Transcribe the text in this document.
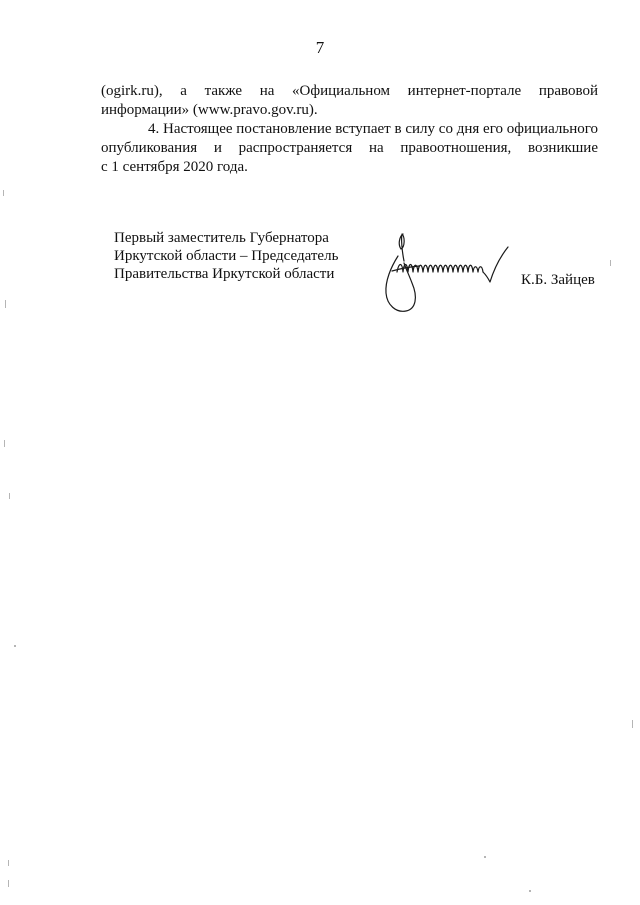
7

(ogirk.ru), а также на «Официальном интернет-портале правовой

информации» (www.pravo.gov.ru).

4. Настоящее постановление вступает в силу со дня его официального

опубликования и распространяется на правоотношения, возникшие

с 1 сентября 2020 года.

Первый заместитель Губернатора
Иркутской области – Председатель
Правительства Иркутской области	К.Б. Зайцев
